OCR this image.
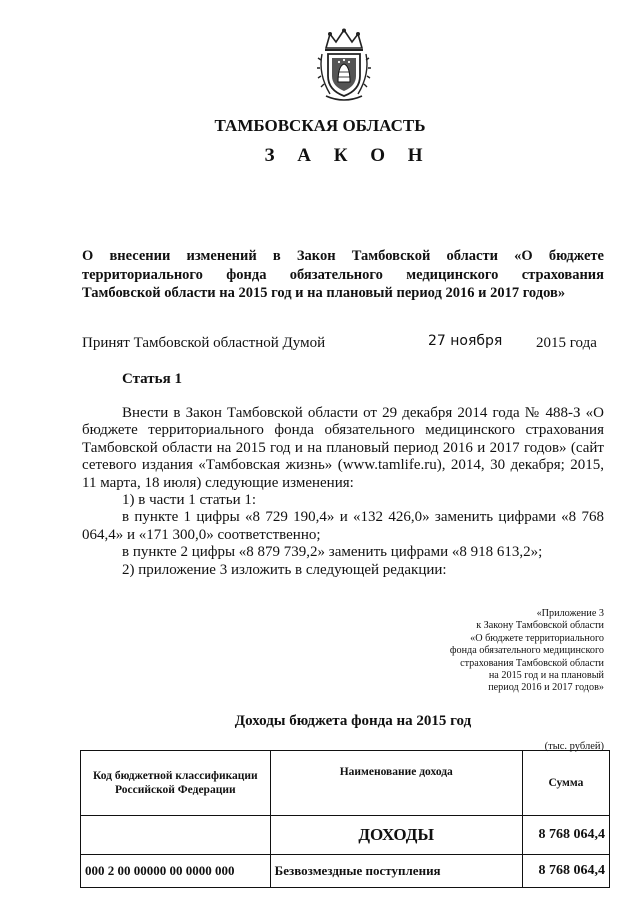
ТАМБОВСКАЯ ОБЛАСТЬ
З А К О Н
О внесении изменений в Закон Тамбовской области «О бюджете территориального фонда обязательного медицинского страхования Тамбовской области на 2015 год и на плановый период 2016 и 2017 годов»
Принят Тамбовской областной Думой	27 ноября 2015 года
Статья 1

Внести в Закон Тамбовской области от 29 декабря 2014 года № 488-З «О бюджете территориального фонда обязательного медицинского страхования Тамбовской области на 2015 год и на плановый период 2016 и 2017 годов» (сайт сетевого издания «Тамбовская жизнь» (www.tamlife.ru), 2014, 30 декабря; 2015, 11 марта, 18 июля) следующие изменения:

1) в части 1 статьи 1:

в пункте 1 цифры «8 729 190,4» и «132 426,0» заменить цифрами «8 768 064,4» и «171 300,0» соответственно;

в пункте 2 цифры «8 879 739,2» заменить цифрами «8 918 613,2»;

2) приложение 3 изложить в следующей редакции:

«Приложение 3
к Закону Тамбовской области
«О бюджете территориального
фонда обязательного медицинского
страхования Тамбовской области
на 2015 год и на плановый
период 2016 и 2017 годов»
Доходы бюджета фонда на 2015 год
(тыс. рублей)
Код бюджетной классификации Российской Федерации	Наименование дохода	Сумма
	ДОХОДЫ	8 768 064,4
000 2 00 00000 00 0000 000	Безвозмездные поступления	8 768 064,4
